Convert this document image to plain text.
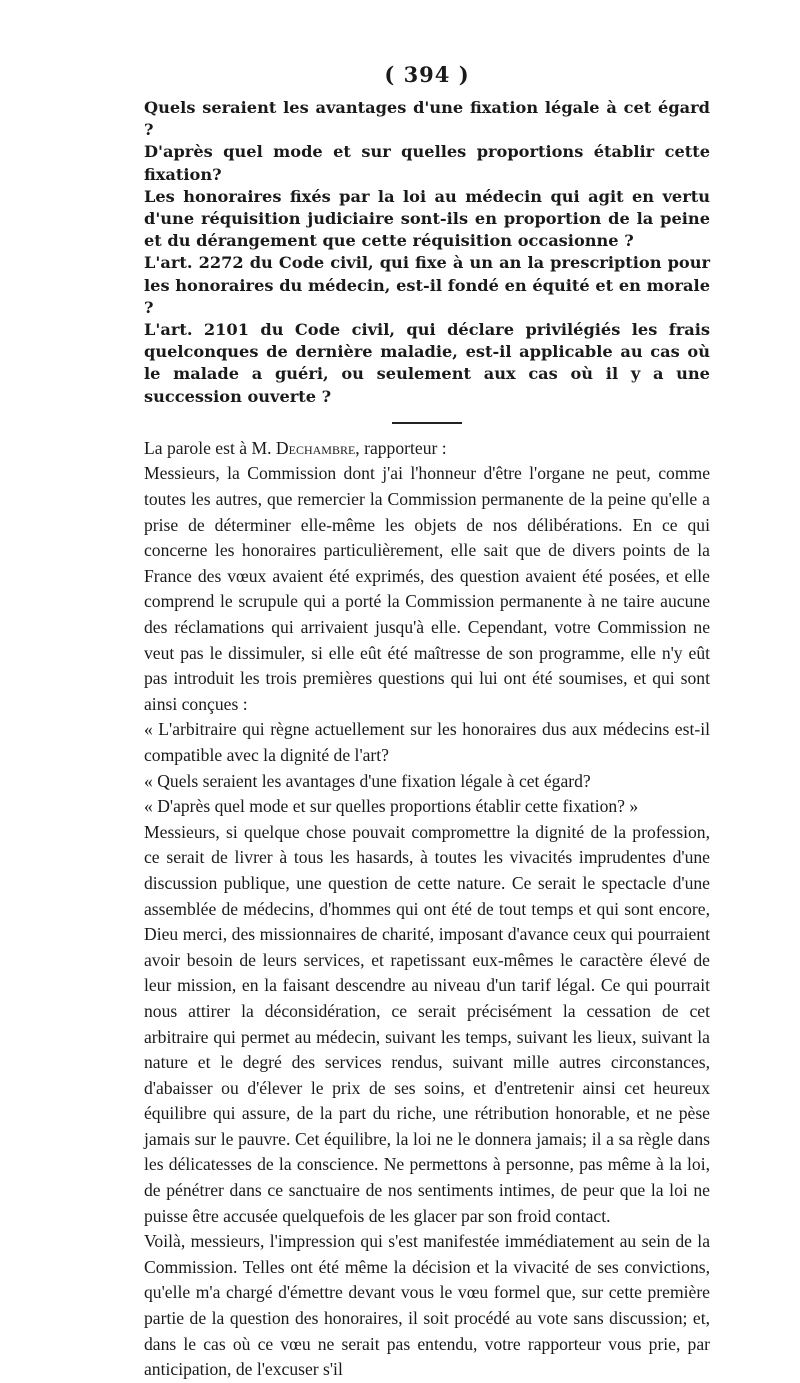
( 394 )

Quels seraient les avantages d'une fixation légale à cet égard ?

D'après quel mode et sur quelles proportions établir cette fixation?

Les honoraires fixés par la loi au médecin qui agit en vertu d'une réquisition judiciaire sont-ils en proportion de la peine et du dérangement que cette réquisition occasionne ?

L'art. 2272 du Code civil, qui fixe à un an la prescription pour les honoraires du médecin, est-il fondé en équité et en morale ?

L'art. 2101 du Code civil, qui déclare privilégiés les frais quelconques de dernière maladie, est-il applicable au cas où le malade a guéri, ou seulement aux cas où il y a une succession ouverte ?

La parole est à M. Dechambre, rapporteur :

Messieurs, la Commission dont j'ai l'honneur d'être l'organe ne peut, comme toutes les autres, que remercier la Commission permanente de la peine qu'elle a prise de déterminer elle-même les objets de nos délibérations. En ce qui concerne les honoraires particulièrement, elle sait que de divers points de la France des vœux avaient été exprimés, des question avaient été posées, et elle comprend le scrupule qui a porté la Commission permanente à ne taire aucune des réclamations qui arrivaient jusqu'à elle. Cependant, votre Commission ne veut pas le dissimuler, si elle eût été maîtresse de son programme, elle n'y eût pas introduit les trois premières questions qui lui ont été soumises, et qui sont ainsi conçues :

« L'arbitraire qui règne actuellement sur les honoraires dus aux médecins est-il compatible avec la dignité de l'art?

« Quels seraient les avantages d'une fixation légale à cet égard?

« D'après quel mode et sur quelles proportions établir cette fixation? »

Messieurs, si quelque chose pouvait compromettre la dignité de la profession, ce serait de livrer à tous les hasards, à toutes les vivacités imprudentes d'une discussion publique, une question de cette nature. Ce serait le spectacle d'une assemblée de médecins, d'hommes qui ont été de tout temps et qui sont encore, Dieu merci, des missionnaires de charité, imposant d'avance ceux qui pourraient avoir besoin de leurs services, et rapetissant eux-mêmes le caractère élevé de leur mission, en la faisant descendre au niveau d'un tarif légal. Ce qui pourrait nous attirer la déconsidération, ce serait précisément la cessation de cet arbitraire qui permet au médecin, suivant les temps, suivant les lieux, suivant la nature et le degré des services rendus, suivant mille autres circonstances, d'abaisser ou d'élever le prix de ses soins, et d'entretenir ainsi cet heureux équilibre qui assure, de la part du riche, une rétribution honorable, et ne pèse jamais sur le pauvre. Cet équilibre, la loi ne le donnera jamais; il a sa règle dans les délicatesses de la conscience. Ne permettons à personne, pas même à la loi, de pénétrer dans ce sanctuaire de nos sentiments intimes, de peur que la loi ne puisse être accusée quelquefois de les glacer par son froid contact.

Voilà, messieurs, l'impression qui s'est manifestée immédiatement au sein de la Commission. Telles ont été même la décision et la vivacité de ses convictions, qu'elle m'a chargé d'émettre devant vous le vœu formel que, sur cette première partie de la question des honoraires, il soit procédé au vote sans discussion; et, dans le cas où ce vœu ne serait pas entendu, votre rapporteur vous prie, par anticipation, de l'excuser s'il
